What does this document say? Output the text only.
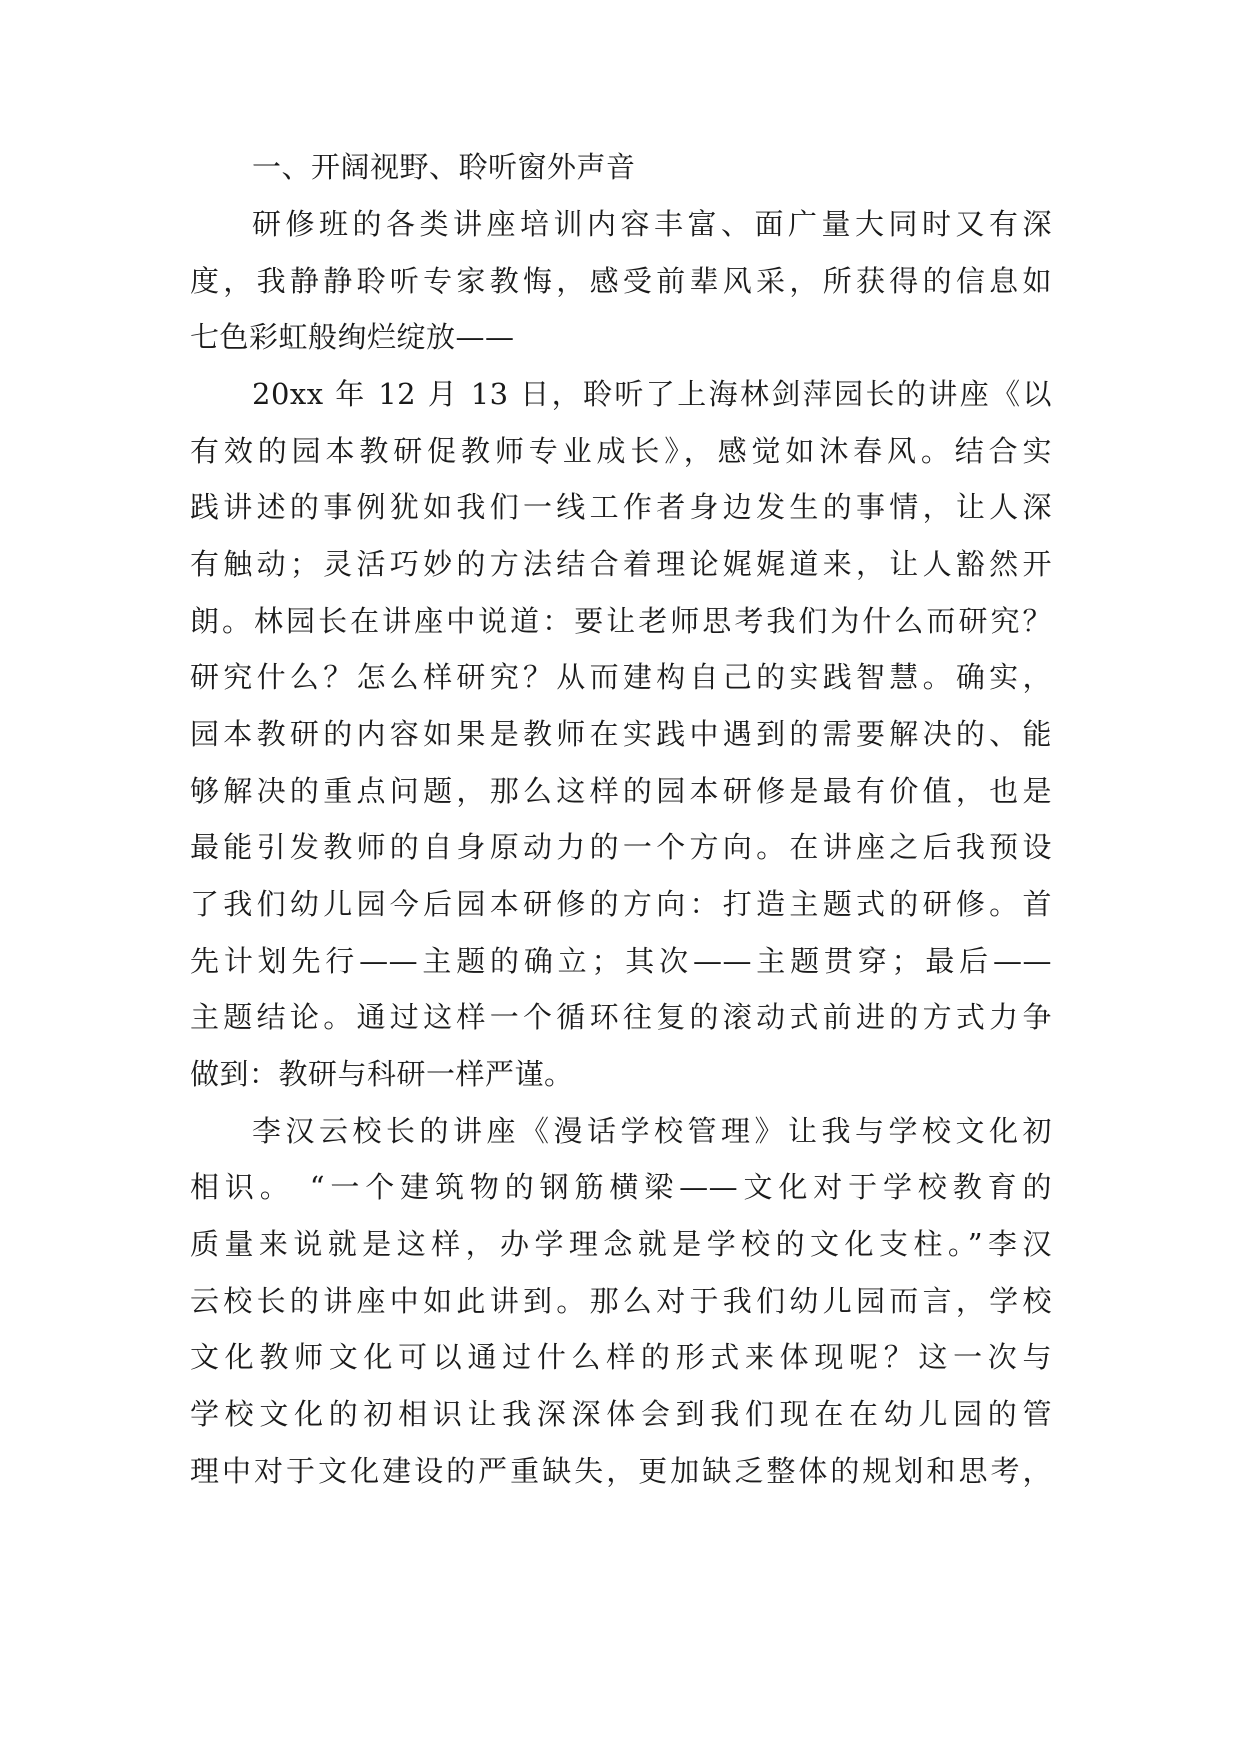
一、开阔视野、聆听窗外声音
研修班的各类讲座培训内容丰富、面广量大同时又有深
度，我静静聆听专家教悔，感受前辈风采，所获得的信息如
七色彩虹般绚烂绽放——
20xx 年 12 月 13 日，聆听了上海林剑萍园长的讲座《以
有效的园本教研促教师专业成长》，感觉如沐春风。结合实
践讲述的事例犹如我们一线工作者身边发生的事情，让人深
有触动；灵活巧妙的方法结合着理论娓娓道来，让人豁然开
朗。林园长在讲座中说道：要让老师思考我们为什么而研究？
研究什么？怎么样研究？从而建构自己的实践智慧。确实，
园本教研的内容如果是教师在实践中遇到的需要解决的、能
够解决的重点问题，那么这样的园本研修是最有价值，也是
最能引发教师的自身原动力的一个方向。在讲座之后我预设
了我们幼儿园今后园本研修的方向：打造主题式的研修。首
先计划先行——主题的确立；其次——主题贯穿；最后——
主题结论。通过这样一个循环往复的滚动式前进的方式力争
做到：教研与科研一样严谨。
李汉云校长的讲座《漫话学校管理》让我与学校文化初
相识。 “一个建筑物的钢筋横梁——文化对于学校教育的
质量来说就是这样，办学理念就是学校的文化支柱。”李汉
云校长的讲座中如此讲到。那么对于我们幼儿园而言，学校
文化教师文化可以通过什么样的形式来体现呢？这一次与
学校文化的初相识让我深深体会到我们现在在幼儿园的管
理中对于文化建设的严重缺失，更加缺乏整体的规划和思考，
